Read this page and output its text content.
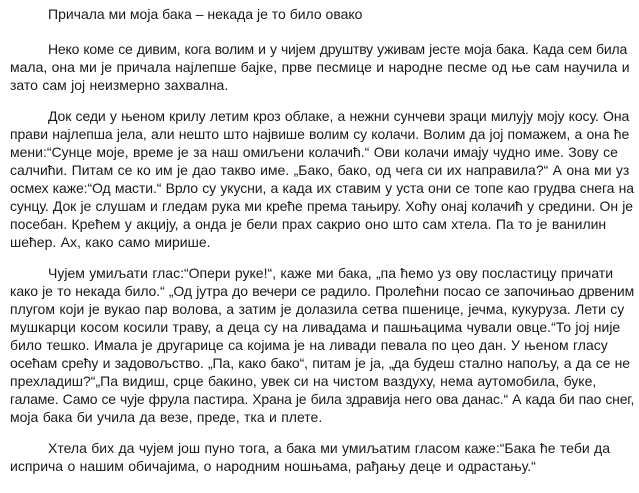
Причала ми моја бака – некада је то било овако
Неко коме се дивим, кога волим и у чијем друштву уживам јесте моја бака. Када сем била
мала, она ми је причала најлепше бајке, прве песмице и народне песме од ње сам научила и
зато сам јој неизмерно захвална.
Док седи у њеном крилу летим кроз облаке, а нежни сунчеви зраци милују моју косу. Она
прави најлепша јела, али нешто што највише волим су колачи. Волим да јој помажем, а она ће
мени:“Сунце моје, време је за наш омиљени колачић.“ Ови колачи имају чудно име. Зову се
салчићи. Питам се ко им је дао такво име. „Бако, бако, од чега си их направила?“ А она ми уз
осмех каже:“Од масти.“ Врло су укусни, а када их ставим у уста они се топе као грудва снега на
сунцу. Док је слушам и гледам рука ми креће према тањиру. Хоћу онај колачић у средини. Он је
посебан. Крећем у акцију, а онда је бели прах сакрио оно што сам хтела. Па то је ванилин
шећер. Ах, како само мирише.
Чујем умиљати глас:“Опери руке!“, каже ми бака, „па ћемо уз ову посластицу причати
како је то некада било.“ „Од јутра до вечери се радило. Пролећни посао се започињао дрвеним
плугом који је вукао пар волова, а затим је долазила сетва пшенице, јечма, кукуруза. Лети су
мушкарци косом косили траву, а деца су на ливадама и пашњацима чували овце.“То јој није
било тешко. Имала је другарице са којима је на ливади певала по цео дан. У њеном гласу
осећам срећу и задовољство. „Па, како бако“, питам је ја, „да будеш стално напољу, а да се не
прехладиш?“„Па видиш, срце бакино, увек си на чистом ваздуху, нема аутомобила, буке,
галаме. Само се чује фрула пастира. Храна је била здравија него ова данас.“ А када би пао снег,
моја бака би учила да везе, преде, тка и плете.
Хтела бих да чујем још пуно тога, а бака ми умиљатим гласом каже:“Бака ће теби да
исприча о нашим обичајима, о народним ношњама, рађању деце и одрастању.“
